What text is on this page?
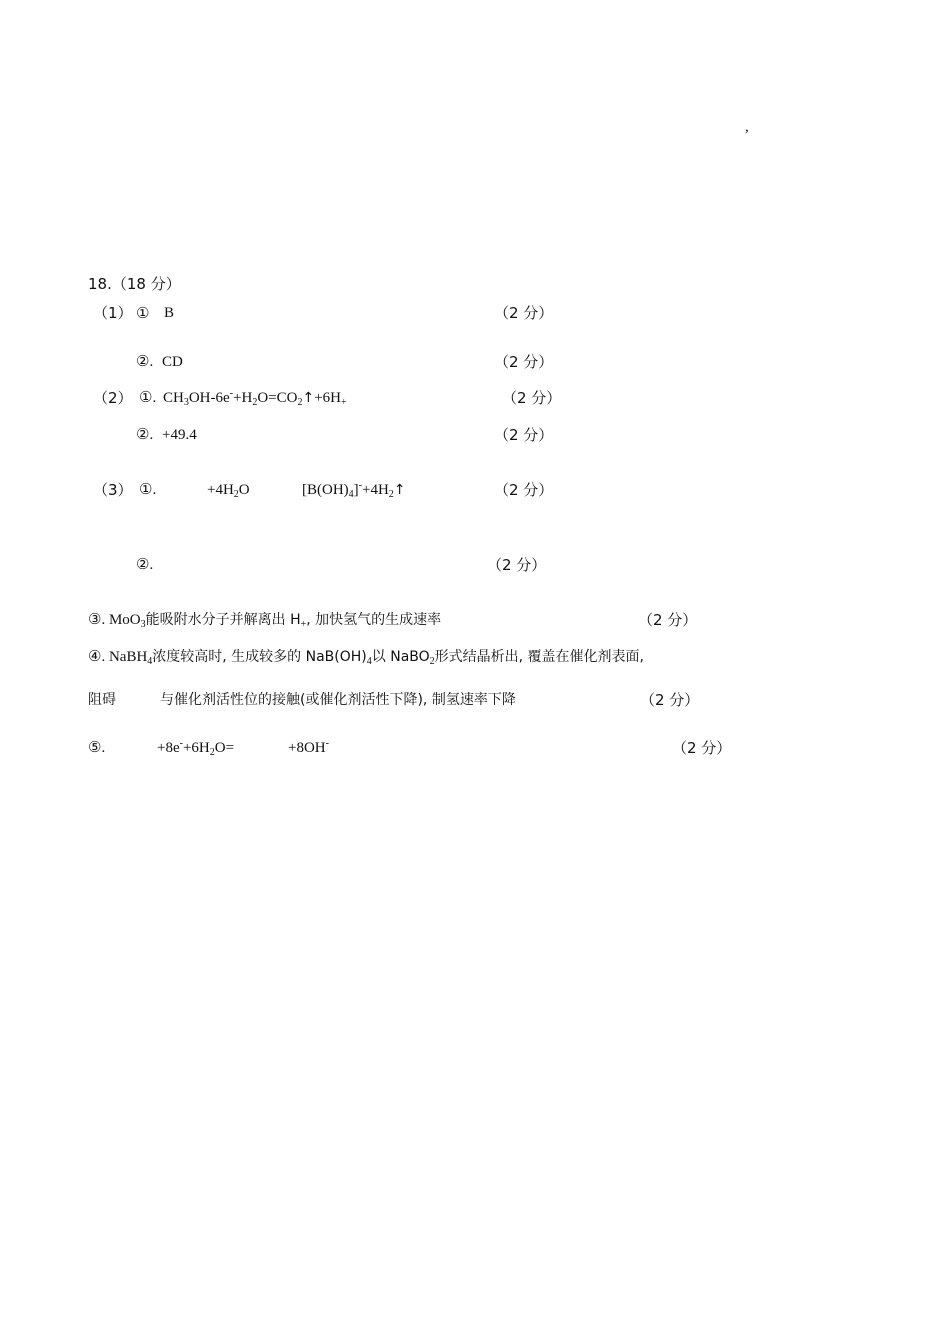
,
18.（18 分）
（1） ① B	（2 分）
②. CD	（2 分）
（2） ①. $CH_3OH-6e^-+H_2O=CO_2↑+6H_+$	（2 分）
②. +49.4	（2 分）
（3） ①.	$+4H_2O$	$[B(OH)_4]^-+4H_2↑$	（2 分）
②.	（2 分）
③. MoO$_3$能吸附水分子并解离出 $H_+$, 加快氢气的生成速率	（2 分）
④. NaBH$_4$浓度较高时, 生成较多的 $NaB(OH)_4$以 NaBO$_2$形式结晶析出, 覆盖在催化剂表面,
阻碍	与催化剂活性位的接触(或催化剂活性下降), 制氢速率下降	（2 分）
⑤.	$+8e^-+6H_2O=$	+8OH-	（2 分）
